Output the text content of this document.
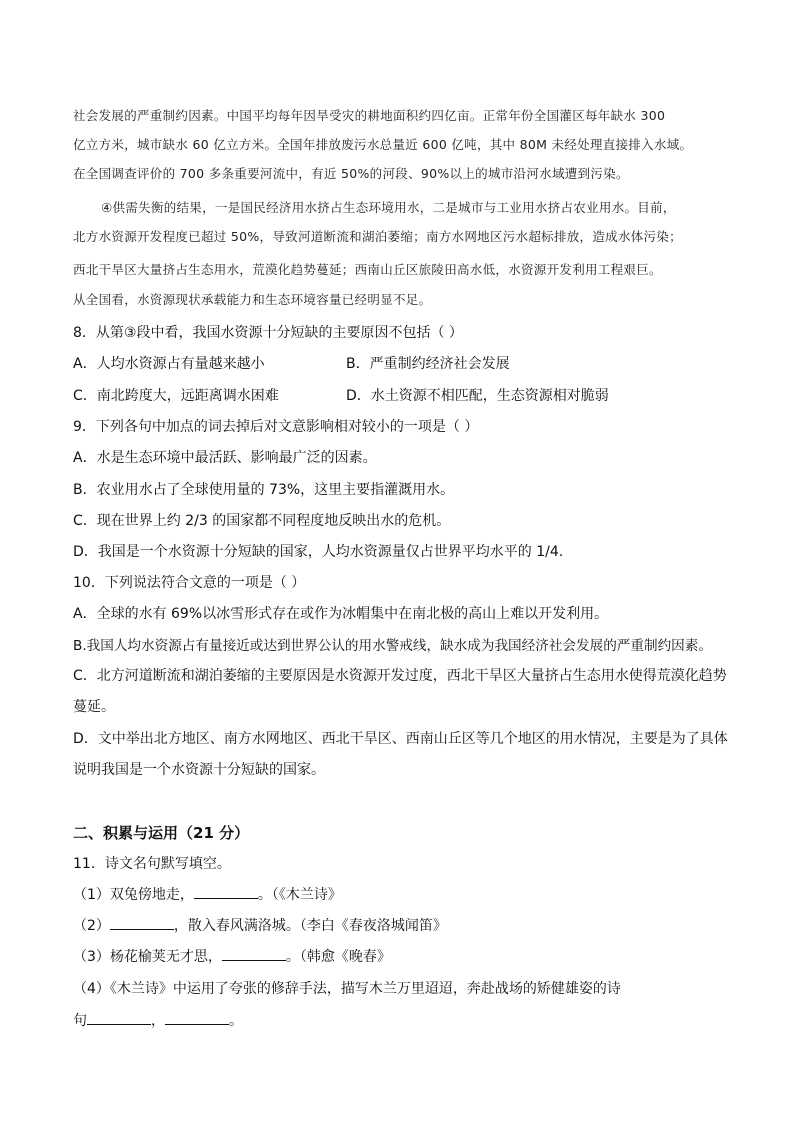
社会发展的严重制约因素。中国平均每年因旱受灾的耕地面积约四亿亩。正常年份全国灌区每年缺水 300
亿立方米，城市缺水 60 亿立方米。全国年排放废污水总量近 600 亿吨，其中 80M 未经处理直接排入水域。
在全国调查评价的 700 多条重要河流中，有近 50%的河段、90%以上的城市沿河水域遭到污染。
④供需失衡的结果，一是国民经济用水挤占生态环境用水，二是城市与工业用水挤占农业用水。目前，
北方水资源开发程度已超过 50%，导致河道断流和湖泊萎缩；南方水网地区污水超标排放，造成水体污染；
西北干旱区大量挤占生态用水，荒漠化趋势蔓延；西南山丘区旅陵田高水低，水资源开发利用工程艰巨。
从全国看，水资源现状承载能力和生态环境容量已经明显不足。
8．从第③段中看，我国水资源十分短缺的主要原因不包括（ ）
A．人均水资源占有量越来越小	B．严重制约经济社会发展
C．南北跨度大，远距离调水困难	D．水土资源不相匹配，生态资源相对脆弱
9．下列各句中加点的词去掉后对文意影响相对较小的一项是（ ）
A．水是生态环境中最活跃、影响最广泛的因素。
B．农业用水占了全球使用量的 73%，这里主要指灌溉用水。
C．现在世界上约 2/3 的国家都不同程度地反映出水的危机。
D．我国是一个水资源十分短缺的国家，人均水资源量仅占世界平均水平的 1/4.
10．下列说法符合文意的一项是（ ）
A．全球的水有 69%以冰雪形式存在或作为冰帽集中在南北极的高山上难以开发利用。
B.我国人均水资源占有量接近或达到世界公认的用水警戒线，缺水成为我国经济社会发展的严重制约因素。
C．北方河道断流和湖泊萎缩的主要原因是水资源开发过度，西北干旱区大量挤占生态用水使得荒漠化趋势
蔓延。
D．文中举出北方地区、南方水网地区、西北干旱区、西南山丘区等几个地区的用水情况，主要是为了具体
说明我国是一个水资源十分短缺的国家。
二、积累与运用（21 分）
11．诗文名句默写填空。
（1）双兔傍地走，	。（《木兰诗》
（2）	，散入春风满洛城。（李白《春夜洛城闻笛》
（3）杨花榆荚无才思，	。（韩愈《晚春》
（4）《木兰诗》中运用了夸张的修辞手法，描写木兰万里迢迢，奔赴战场的矫健雄姿的诗
句	，	。
